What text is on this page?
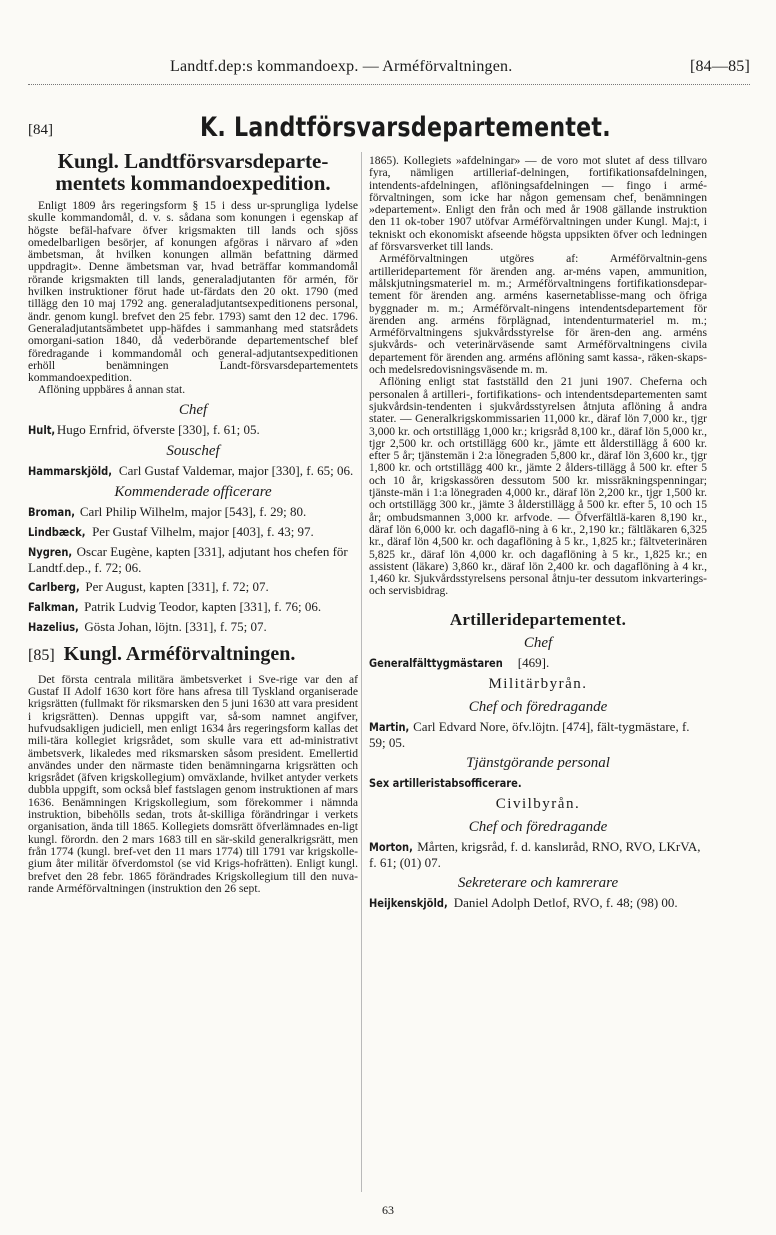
Landtf.dep:s kommandoexp. — Arméförvaltningen.	[84—85]
[84]	K. Landtförsvarsdepartementet.
Kungl. Landtförsvarsdeparte-mentets kommandoexpedition.

Enligt 1809 års regeringsform § 15 i dess ur-sprungliga lydelse skulle kommandomål, d. v. s. sådana som konungen i egenskap af högste befäl-hafvare öfver krigsmakten till lands och sjöss omedelbarligen besörjer, af konungen afgöras i närvaro af »den ämbetsman, åt hvilken konungen allmän befattning därmed uppdragit». Denne ämbetsman var, hvad beträffar kommandomål rörande krigsmakten till lands, generaladjutanten för armén, för hvilken instruktioner förut hade ut-färdats den 20 okt. 1790 (med tillägg den 10 maj 1792 ang. generaladjutantsexpeditionens personal, ändr. genom kungl. brefvet den 25 febr. 1793) samt den 12 dec. 1796. Generaladjutantsämbetet upp-häfdes i sammanhang med statsrådets omorgani-sation 1840, då vederbörande departementschef blef föredragande i kommandomål och general-adjutantsexpeditionen erhöll benämningen Landt-försvarsdepartementets kommandoexpedition.

Aflöning uppbäres å annan stat.

Chef
Hult, Hugo Ernfrid, öfverste [330], f. 61; 05.
Souschef
Hammarskjöld, Carl Gustaf Valdemar, major [330], f. 65; 06.
Kommenderade officerare
Broman, Carl Philip Wilhelm, major [543], f. 29; 80.
Lindbæck, Per Gustaf Vilhelm, major [403], f. 43; 97.
Nygren, Oscar Eugène, kapten [331], adjutant hos chefen för Landtf.dep., f. 72; 06.
Carlberg, Per August, kapten [331], f. 72; 07.
Falkman, Patrik Ludvig Teodor, kapten [331], f. 76; 06.
Hazelius, Gösta Johan, löjtn. [331], f. 75; 07.
[85] Kungl. Arméförvaltningen.

Det första centrala militära ämbetsverket i Sve-rige var den af Gustaf II Adolf 1630 kort före hans afresa till Tyskland organiserade krigsrätten (fullmakt för riksmarsken den 5 juni 1630 att vara president i krigsrätten). Dennas uppgift var, så-som namnet angifver, hufvudsakligen judiciell, men enligt 1634 års regeringsform kallas det mili-tära kollegiet krigsrådet, som skulle vara ett ad-ministrativt ämbetsverk, likaledes med riksmarsken såsom president. Emellertid användes under den närmaste tiden benämningarna krigsrätten och krigsrådet (äfven krigskollegium) omväxlande, hvilket antyder verkets dubbla uppgift, som också blef fastslagen genom instruktionen af mars 1636. Benämningen Krigskollegium, som förekommer i nämnda instruktion, bibehölls sedan, trots åt-skilliga förändringar i verkets organisation, ända till 1865. Kollegiets domsrätt öfverlämnades en-ligt kungl. förordn. den 2 mars 1683 till en sär-skild generalkrigsrätt, men från 1774 (kungl. bref-vet den 11 mars 1774) till 1791 var krigskolle-gium åter militär öfverdomstol (se vid Krigs-hofrätten). Enligt kungl. brefvet den 28 febr. 1865 förändrades Krigskollegium till den nuva-rande Arméförvaltningen (instruktion den 26 sept.

1865). Kollegiets »afdelningar» — de voro mot slutet af dess tillvaro fyra, nämligen artilleriaf-delningen, fortifikationsafdelningen, intendents-afdelningen, aflöningsafdelningen — fingo i armé-förvaltningen, som icke har någon gemensam chef, benämningen »departement». Enligt den från och med år 1908 gällande instruktion den 11 ok-tober 1907 utöfvar Arméförvaltningen under Kungl. Maj:t, i tekniskt och ekonomiskt afseende högsta uppsikten öfver och ledningen af försvarsverket till lands.

Arméförvaltningen utgöres af: Arméförvaltnin-gens artilleridepartement för ärenden ang. ar-méns vapen, ammunition, målskjutningsmateriel m. m.; Arméförvaltningens fortifikationsdepar-tement för ärenden ang. arméns kasernetablisse-mang och öfriga byggnader m. m.; Arméförvalt-ningens intendentsdepartement för ärenden ang. arméns förplägnad, intendenturmateriel m. m.; Arméförvaltningens sjukvårdsstyrelse för ären-den ang. arméns sjukvårds- och veterinärväsende samt Arméförvaltningens civila departement för ärenden ang. arméns aflöning samt kassa-, räken-skaps- och medelsredovisningsväsende m. m.

Aflöning enligt stat fastställd den 21 juni 1907. Cheferna och personalen å artilleri-, fortifikations- och intendentsdepartementen samt sjukvårdsin-tendenten i sjukvårdsstyrelsen åtnjuta aflöning å andra stater. — Generalkrigskommissarien 11,000 kr., däraf lön 7,000 kr., tjgr 3,000 kr. och ortstillägg 1,000 kr.; krigsråd 8,100 kr., däraf lön 5,000 kr., tjgr 2,500 kr. och ortstillägg 600 kr., jämte ett ålderstillägg å 600 kr. efter 5 år; tjänstemän i 2:a lönegraden 5,800 kr., däraf lön 3,600 kr., tjgr 1,800 kr. och ortstillägg 400 kr., jämte 2 ålders-tillägg å 500 kr. efter 5 och 10 år, krigskassören dessutom 500 kr. missräkningspenningar; tjänste-män i 1:a lönegraden 4,000 kr., däraf lön 2,200 kr., tjgr 1,500 kr. och ortstillägg 300 kr., jämte 3 ålderstillägg å 500 kr. efter 5, 10 och 15 år; ombudsmannen 3,000 kr. arfvode. — Öfverfältlä-karen 8,190 kr., däraf lön 6,000 kr. och dagaflö-ning à 6 kr., 2,190 kr.; fältläkaren 6,325 kr., däraf lön 4,500 kr. och dagaflöning à 5 kr., 1,825 kr.; fältveterinären 5,825 kr., däraf lön 4,000 kr. och dagaflöning à 5 kr., 1,825 kr.; en assistent (läkare) 3,860 kr., däraf lön 2,400 kr. och dagaflöning à 4 kr., 1,460 kr. Sjukvårdsstyrelsens personal åtnju-ter dessutom inkvarterings- och servisbidrag.

Artilleridepartementet.
Chef
Generalfälttygmästaren [469].
Militärbyrån.
Chef och föredragande
Martin, Carl Edvard Nore, öfv.löjtn. [474], fält-tygmästare, f. 59; 05.
Tjänstgörande personal
Sex artilleristabsofficerare.
Civilbyrån.
Chef och föredragande
Morton, Mårten, krigsråd, f. d. kanslиråd, RNO, RVO, LKrVA, f. 61; (01) 07.
Sekreterare och kamrerare
Heijkenskjöld, Daniel Adolph Detlof, RVO, f. 48; (98) 00.
63
